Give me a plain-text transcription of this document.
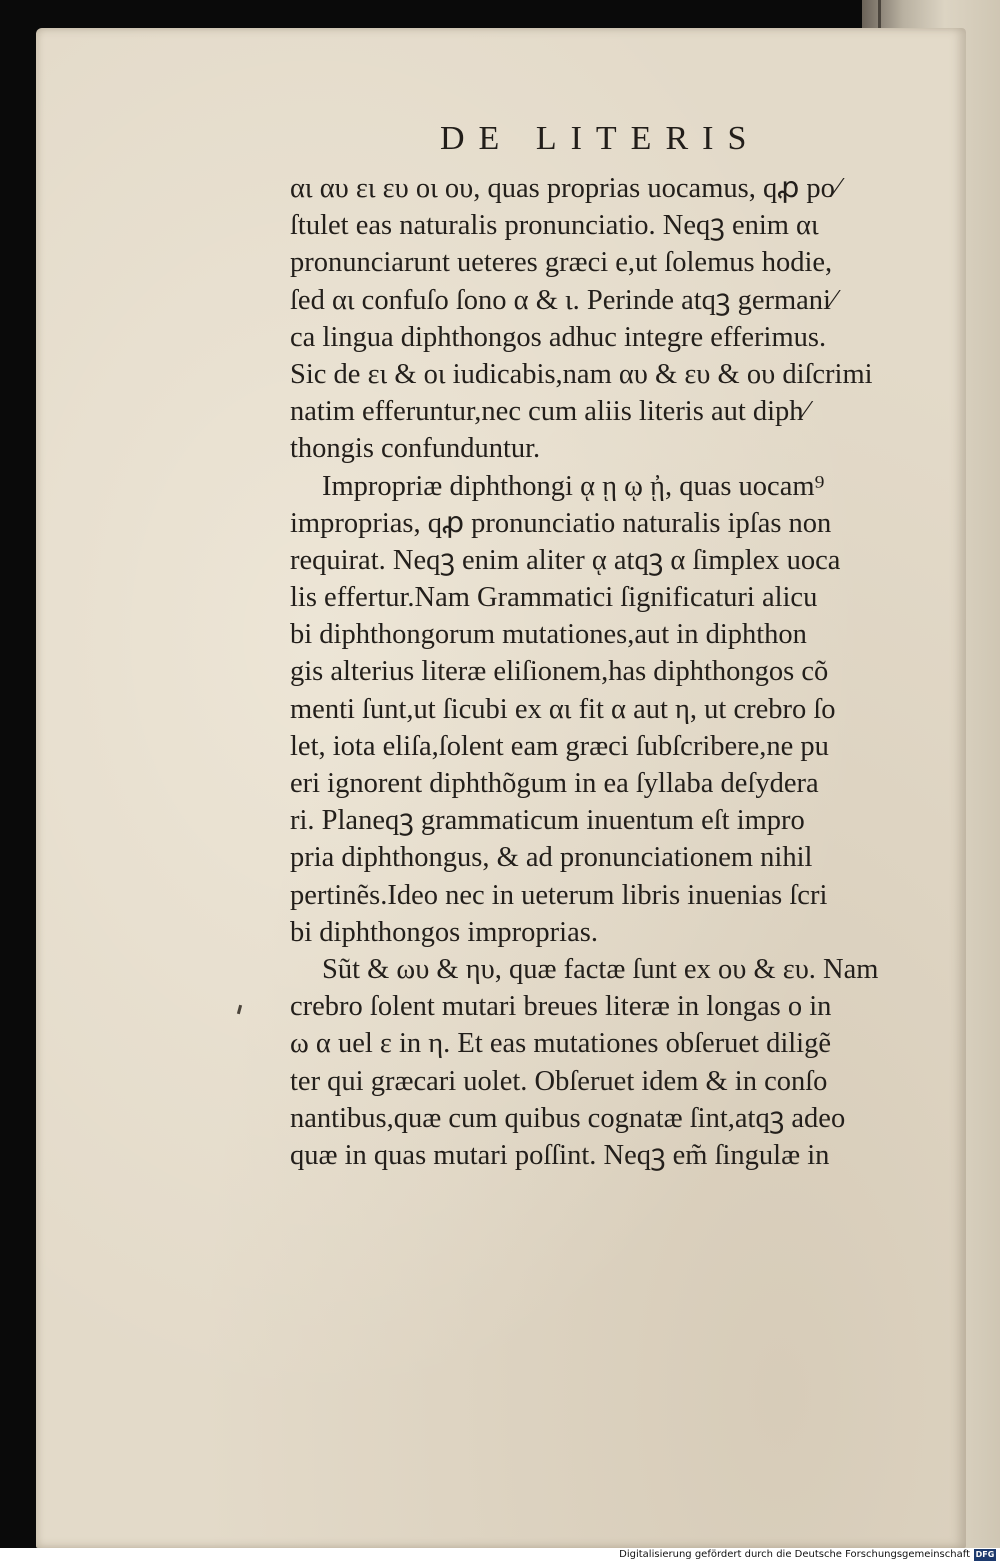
DE LITERIS
αι αυ ει ευ οι ου, quas proprias uocamus, qꝓ po⁄
ſtulet eas naturalis pronunciatio. Neqꝫ enim αι
pronunciarunt ueteres græci e,ut ſolemus hodie,
ſed αι confuſo ſono α & ι. Perinde atqꝫ germani⁄
ca lingua diphthongos adhuc integre efferimus.
Sic de ει & οι iudicabis,nam αυ & ευ & ου diſcrimi
natim efferuntur,nec cum aliis literis aut diph⁄
thongis confunduntur.
Impropriæ diphthongi ᾳ ῃ ῳ ᾐ, quas uocam⁹
improprias, qꝓ pronunciatio naturalis ipſas non
requirat. Neqꝫ enim aliter ᾳ atqꝫ α ſimplex uoca
lis effertur.Nam Grammatici ſignificaturi alicu
bi diphthongorum mutationes,aut in diphthon
gis alterius literæ eliſionem,has diphthongos cõ
menti ſunt,ut ſicubi ex αι fit α aut η, ut crebro ſo
let, iota eliſa,ſolent eam græci ſubſcribere,ne pu
eri ignorent diphthõgum in ea ſyllaba deſydera
ri. Planeqꝫ grammaticum inuentum eſt impro
pria diphthongus, & ad pronunciationem nihil
pertinẽs.Ideo nec in ueterum libris inuenias ſcri
bi diphthongos improprias.
Sũt & ωυ & ηυ, quæ factæ ſunt ex ου & ευ. Nam
crebro ſolent mutari breues literæ in longas ο in
ω α uel ε in η. Et eas mutationes obſeruet diligẽ
ter qui græcari uolet. Obſeruet idem & in conſo
nantibus,quæ cum quibus cognatæ ſint,atqꝫ adeo
quæ in quas mutari poſſint. Neqꝫ em̃ ſingulæ in
Digitalisierung gefördert durch die Deutsche Forschungsgemeinschaft DFG
